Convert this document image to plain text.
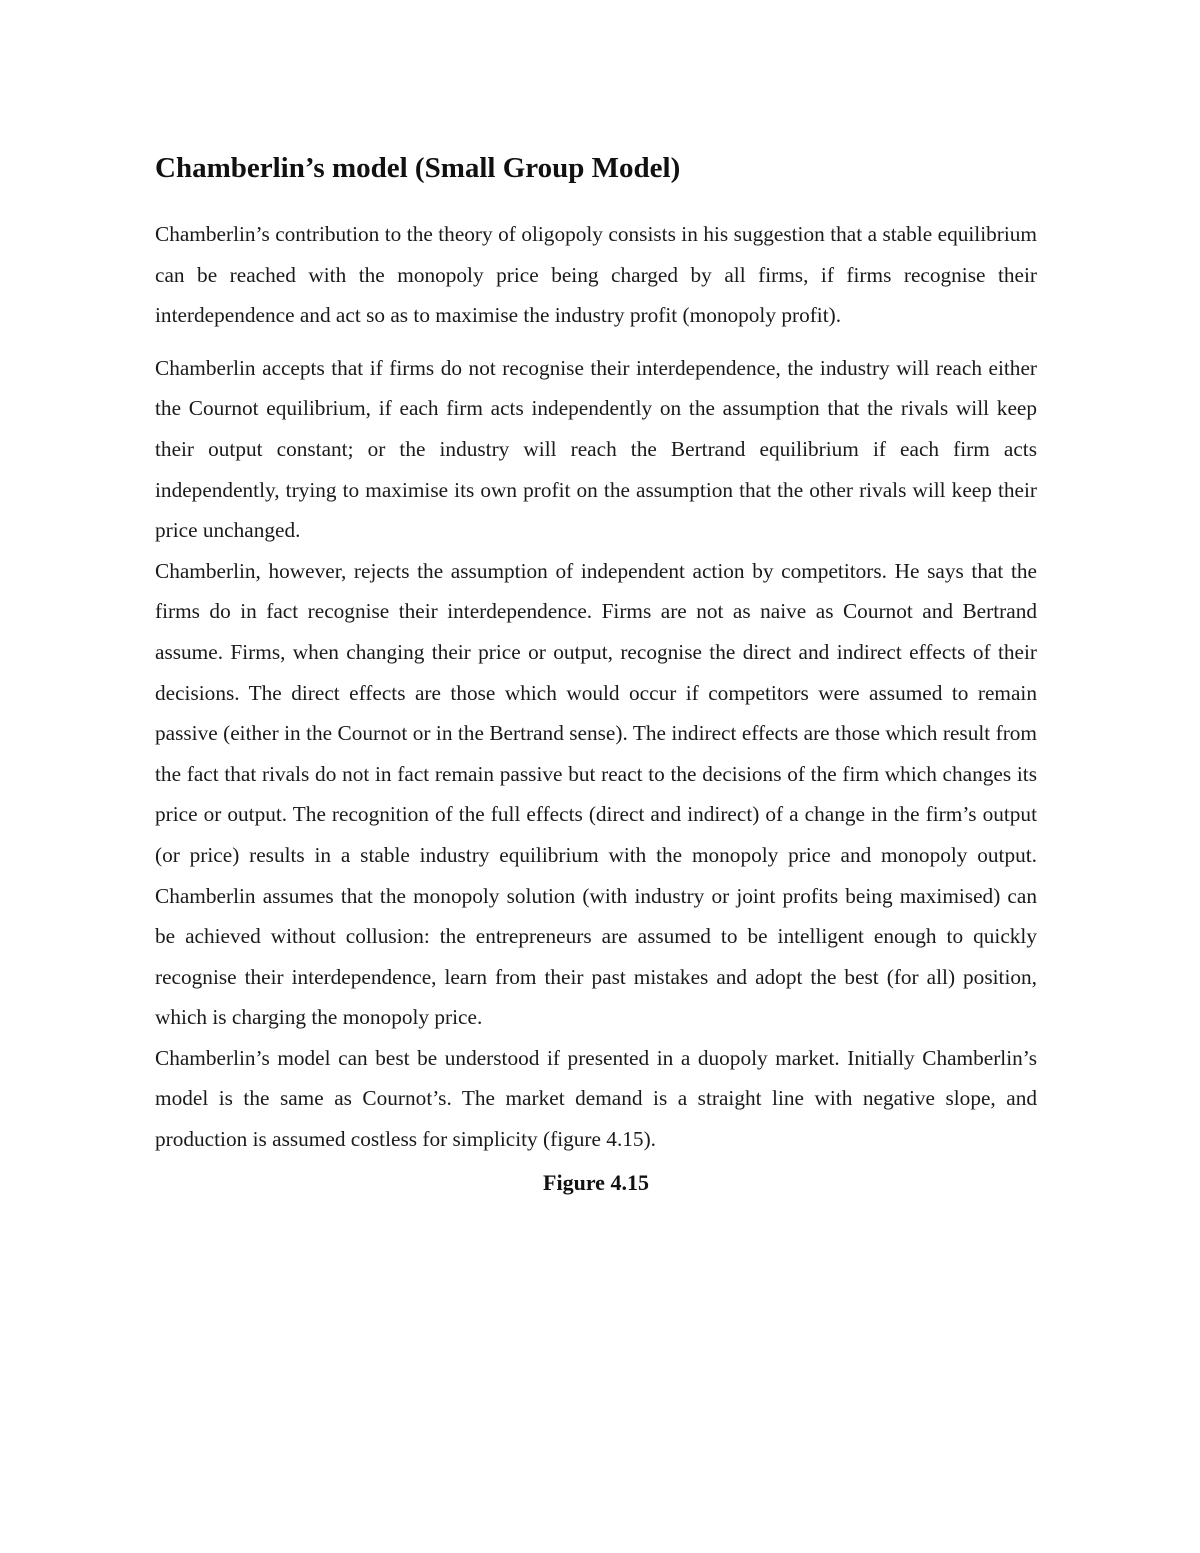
Chamberlin’s model (Small Group Model)

Chamberlin’s contribution to the theory of oligopoly consists in his suggestion that a stable equilibrium can be reached with the monopoly price being charged by all firms, if firms recognise their interdependence and act so as to maximise the industry profit (monopoly profit).

Chamberlin accepts that if firms do not recognise their interdependence, the industry will reach either the Cournot equilibrium, if each firm acts independently on the assumption that the rivals will keep their output constant; or the industry will reach the Bertrand equilibrium if each firm acts independently, trying to maximise its own profit on the assumption that the other rivals will keep their price unchanged.

Chamberlin, however, rejects the assumption of independent action by competitors. He says that the firms do in fact recognise their interdependence. Firms are not as naive as Cournot and Bertrand assume. Firms, when changing their price or output, recognise the direct and indirect effects of their decisions. The direct effects are those which would occur if competitors were assumed to remain passive (either in the Cournot or in the Bertrand sense). The indirect effects are those which result from the fact that rivals do not in fact remain passive but react to the decisions of the firm which changes its price or output. The recognition of the full effects (direct and indirect) of a change in the firm’s output (or price) results in a stable industry equilibrium with the monopoly price and monopoly output. Chamberlin assumes that the monopoly solution (with industry or joint profits being maximised) can be achieved without collusion: the entrepreneurs are assumed to be intelligent enough to quickly recognise their interdependence, learn from their past mistakes and adopt the best (for all) position, which is charging the monopoly price.

Chamberlin’s model can best be understood if presented in a duopoly market. Initially Chamberlin’s model is the same as Cournot’s. The market demand is a straight line with negative slope, and production is assumed costless for simplicity (figure 4.15).

Figure 4.15
